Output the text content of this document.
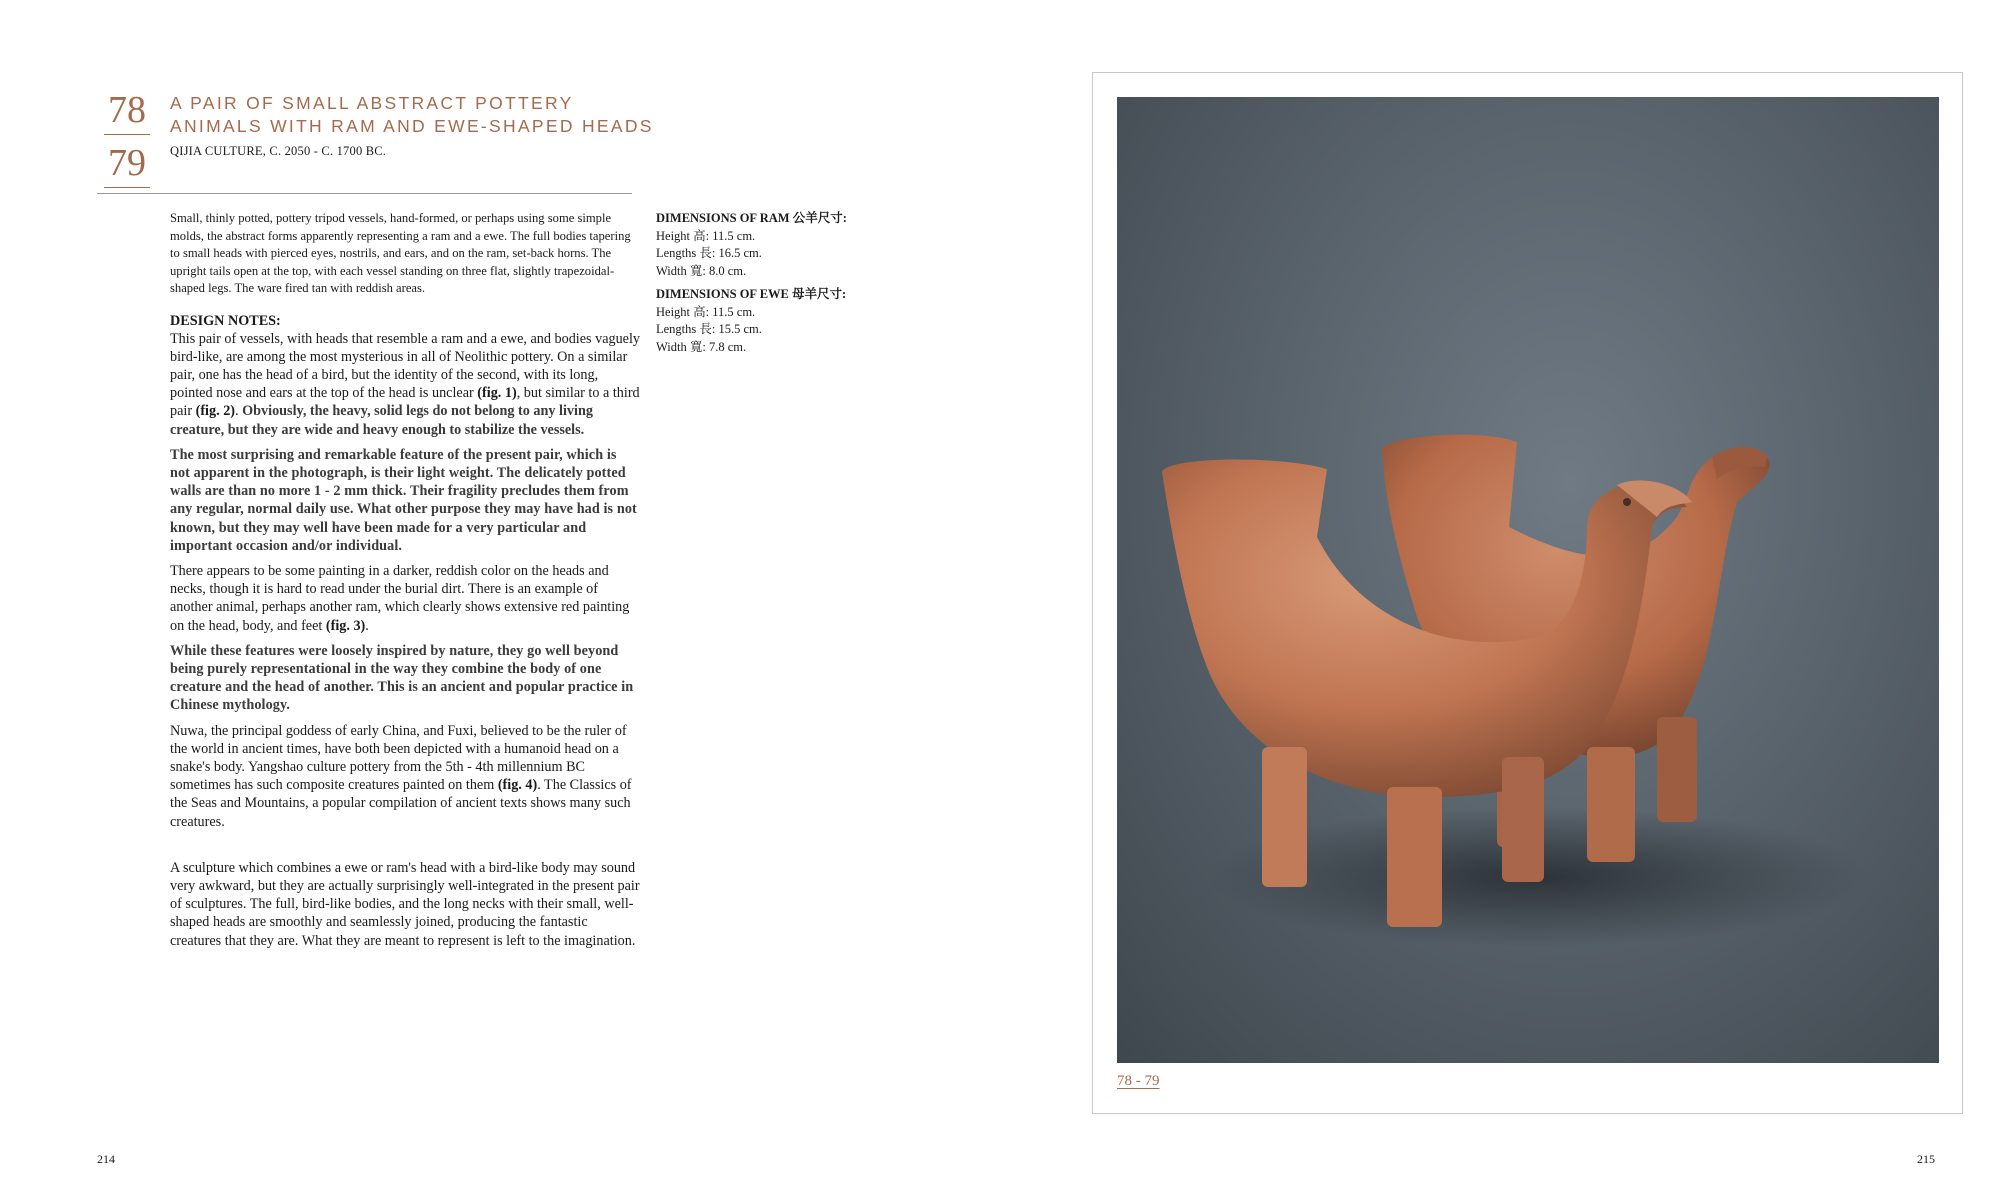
78
79
A PAIR OF SMALL ABSTRACT POTTERY
ANIMALS WITH RAM AND EWE-SHAPED HEADS
QIJIA CULTURE, C. 2050 - C. 1700 BC.

Small, thinly potted, pottery tripod vessels, hand-formed, or perhaps using some simple molds, the abstract forms apparently representing a ram and a ewe. The full bodies tapering to small heads with pierced eyes, nostrils, and ears, and on the ram, set-back horns. The upright tails open at the top, with each vessel standing on three flat, slightly trapezoidal-shaped legs. The ware fired tan with reddish areas.

DESIGN NOTES:

This pair of vessels, with heads that resemble a ram and a ewe, and bodies vaguely bird-like, are among the most mysterious in all of Neolithic pottery. On a similar pair, one has the head of a bird, but the identity of the second, with its long, pointed nose and ears at the top of the head is unclear (fig. 1), but similar to a third pair (fig. 2). Obviously, the heavy, solid legs do not belong to any living creature, but they are wide and heavy enough to stabilize the vessels.

The most surprising and remarkable feature of the present pair, which is not apparent in the photograph, is their light weight. The delicately potted walls are than no more 1 - 2 mm thick. Their fragility precludes them from any regular, normal daily use. What other purpose they may have had is not known, but they may well have been made for a very particular and important occasion and/or individual.

There appears to be some painting in a darker, reddish color on the heads and necks, though it is hard to read under the burial dirt. There is an example of another animal, perhaps another ram, which clearly shows extensive red painting on the head, body, and feet (fig. 3).

While these features were loosely inspired by nature, they go well beyond being purely representational in the way they combine the body of one creature and the head of another. This is an ancient and popular practice in Chinese mythology.

Nuwa, the principal goddess of early China, and Fuxi, believed to be the ruler of the world in ancient times, have both been depicted with a humanoid head on a snake's body. Yangshao culture pottery from the 5th - 4th millennium BC sometimes has such composite creatures painted on them (fig. 4). The Classics of the Seas and Mountains, a popular compilation of ancient texts shows many such creatures.

A sculpture which combines a ewe or ram's head with a bird-like body may sound very awkward, but they are actually surprisingly well-integrated in the present pair of sculptures. The full, bird-like bodies, and the long necks with their small, well-shaped heads are smoothly and seamlessly joined, producing the fantastic creatures that they are. What they are meant to represent is left to the imagination.

DIMENSIONS OF RAM 公羊尺寸:
Height 高: 11.5 cm.
Lengths 長: 16.5 cm.
Width 寬: 8.0 cm.
DIMENSIONS OF EWE 母羊尺寸:
Height 高: 11.5 cm.
Lengths 長: 15.5 cm.
Width 寬: 7.8 cm.
214
78 - 79
215
